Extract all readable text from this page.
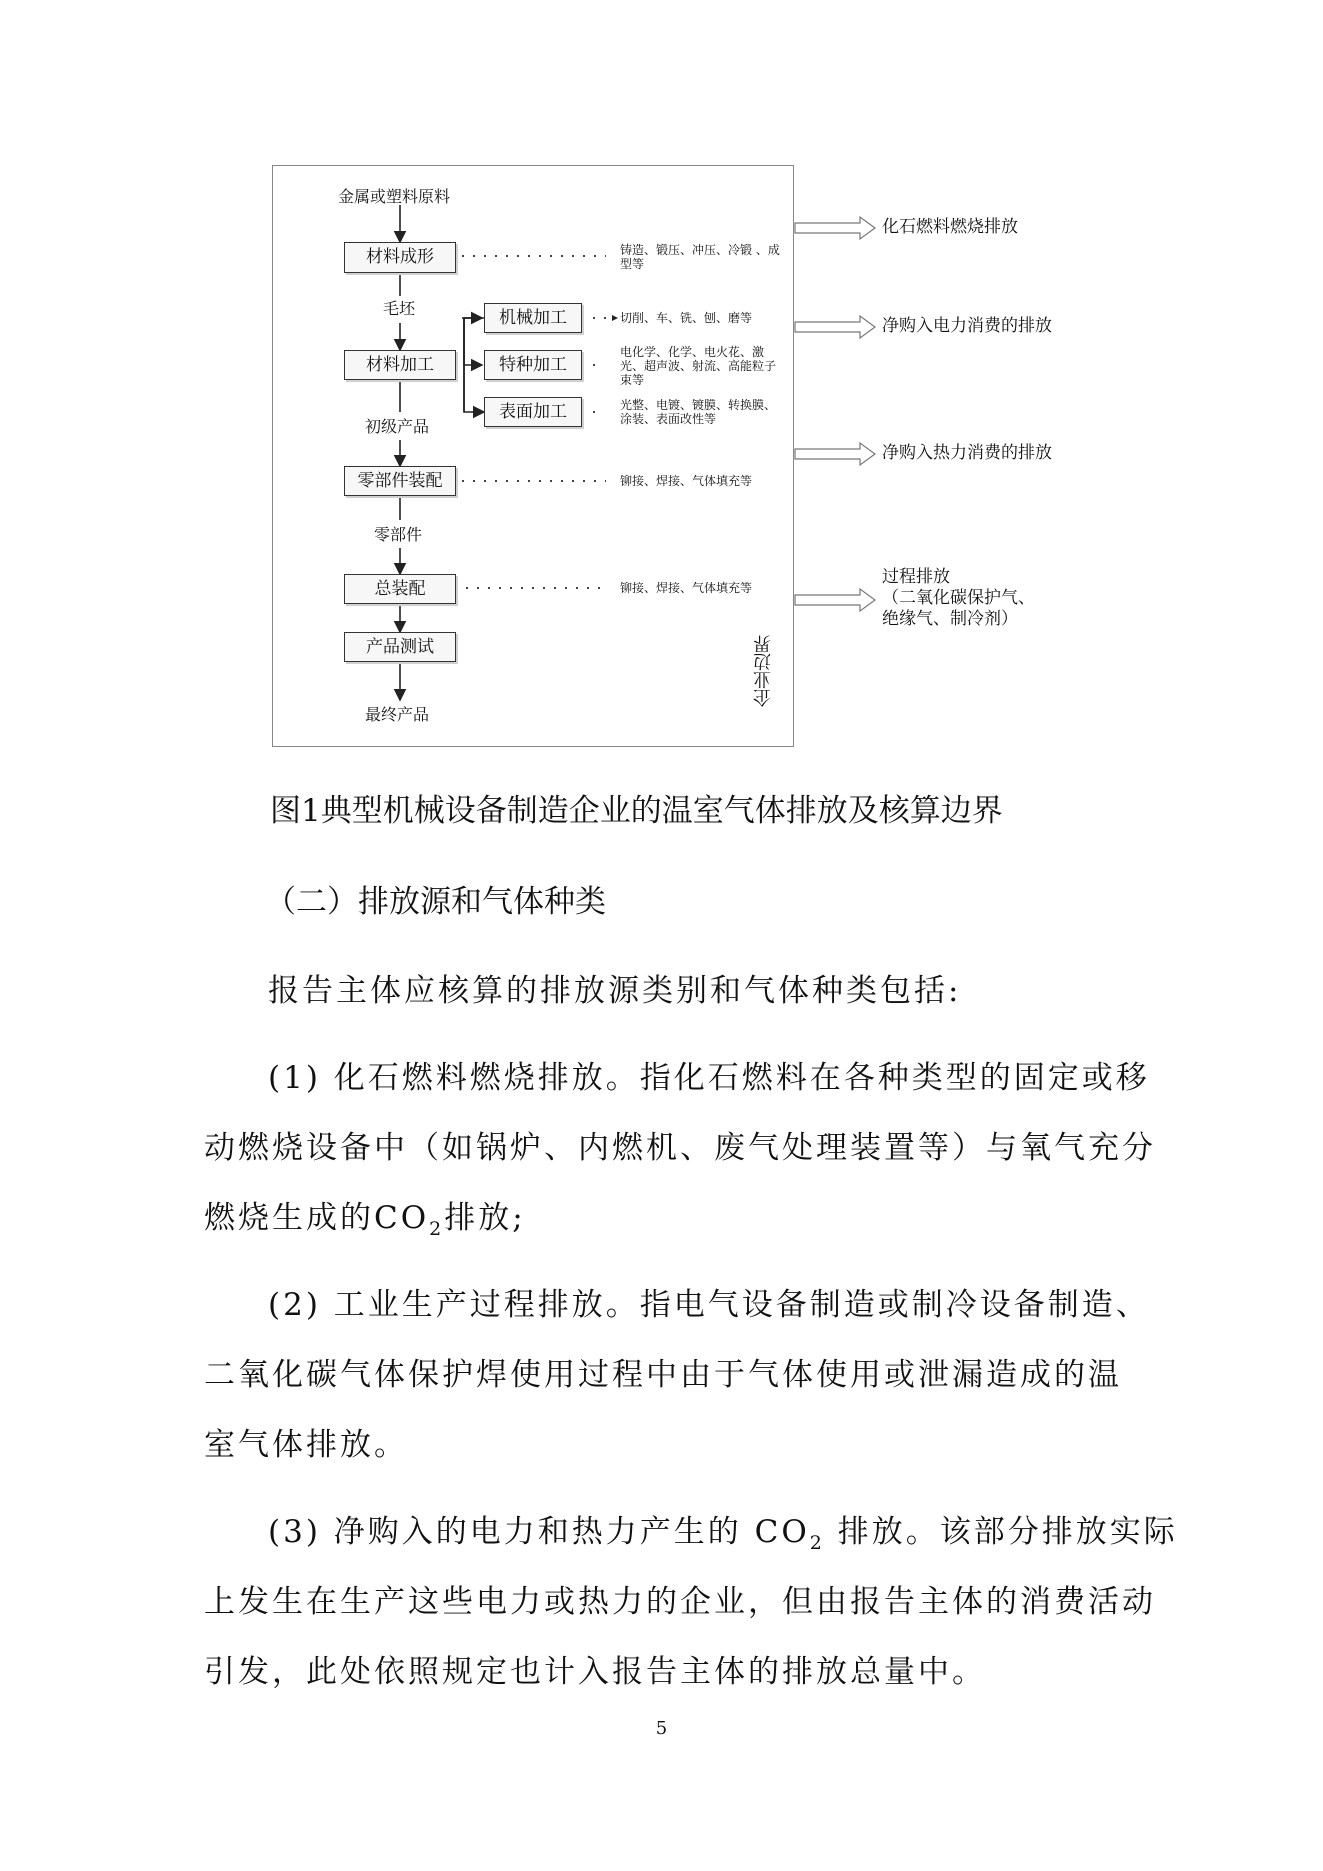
金属或塑料原料
材料成形
毛坯
材料加工
初级产品
零部件装配
零部件
总装配
产品测试
最终产品
机械加工
特种加工
表面加工
铸造、锻压、冲压、冷锻 、成型等
切削、车、铣、刨、磨等
电化学、化学、电火花、激光、超声波、射流、高能粒子束等
光整、电镀、镀膜、转换膜、涂装、表面改性等
铆接、焊接、气体填充等
铆接、焊接、气体填充等
企业边界
化石燃料燃烧排放
净购入电力消费的排放
净购入热力消费的排放
过程排放
（二氧化碳保护气、
绝缘气、制冷剂）
图1典型机械设备制造企业的温室气体排放及核算边界
（二）排放源和气体种类
报告主体应核算的排放源类别和气体种类包括:
(1) 化石燃料燃烧排放。指化石燃料在各种类型的固定或移
动燃烧设备中（如锅炉、内燃机、废气处理装置等）与氧气充分
燃烧生成的$CO_2$排放;
(2) 工业生产过程排放。指电气设备制造或制冷设备制造、
二氧化碳气体保护焊使用过程中由于气体使用或泄漏造成的温
室气体排放。
(3) 净购入的电力和热力产生的 $CO_2$ 排放。该部分排放实际
上发生在生产这些电力或热力的企业，但由报告主体的消费活动
引发，此处依照规定也计入报告主体的排放总量中。
5
